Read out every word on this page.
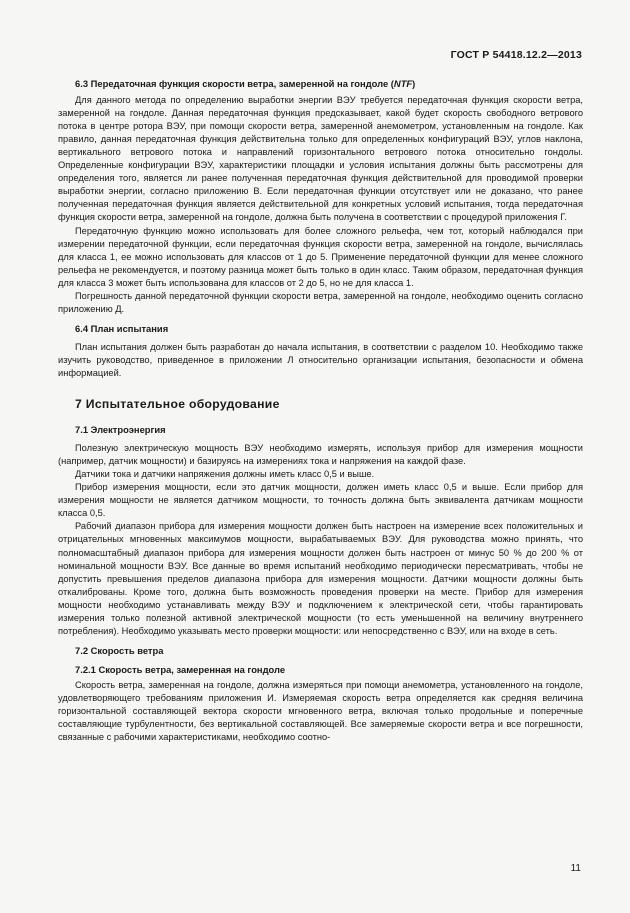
ГОСТ Р 54418.12.2—2013
6.3 Передаточная функция скорости ветра, замеренной на гондоле (NTF)

Для данного метода по определению выработки энергии ВЭУ требуется передаточная функция скорости ветра, замеренной на гондоле. Данная передаточная функция предсказывает, какой будет скорость свободного ветрового потока в центре ротора ВЭУ, при помощи скорости ветра, замеренной анемометром, установленным на гондоле. Как правило, данная передаточная функция действительна только для определенных конфигураций ВЭУ, углов наклона, вертикального ветрового потока и направлений горизонтального ветрового потока относительно гондолы. Определенные конфигурации ВЭУ, характеристики площадки и условия испытания должны быть рассмотрены для определения того, является ли ранее полученная передаточная функция действительной для проводимой проверки выработки энергии, согласно приложению В. Если передаточная функции отсутствует или не доказано, что ранее полученная передаточная функция является действительной для конкретных условий испытания, тогда передаточная функция скорости ветра, замеренной на гондоле, должна быть получена в соответствии с процедурой приложения Г.

Передаточную функцию можно использовать для более сложного рельефа, чем тот, который наблюдался при измерении передаточной функции, если передаточная функция скорости ветра, замеренной на гондоле, вычислялась для класса 1, ее можно использовать для классов от 1 до 5. Применение передаточной функции для менее сложного рельефа не рекомендуется, и поэтому разница может быть только в один класс. Таким образом, передаточная функция для класса 3 может быть использована для классов от 2 до 5, но не для класса 1.

Погрешность данной передаточной функции скорости ветра, замеренной на гондоле, необходимо оценить согласно приложению Д.

6.4 План испытания

План испытания должен быть разработан до начала испытания, в соответствии с разделом 10. Необходимо также изучить руководство, приведенное в приложении Л относительно организации испытания, безопасности и обмена информацией.

7 Испытательное оборудование
7.1 Электроэнергия

Полезную электрическую мощность ВЭУ необходимо измерять, используя прибор для измерения мощности (например, датчик мощности) и базируясь на измерениях тока и напряжения на каждой фазе.

Датчики тока и датчики напряжения должны иметь класс 0,5 и выше.

Прибор измерения мощности, если это датчик мощности, должен иметь класс 0,5 и выше. Если прибор для измерения мощности не является датчиком мощности, то точность должна быть эквивалента датчикам мощности класса 0,5.

Рабочий диапазон прибора для измерения мощности должен быть настроен на измерение всех положительных и отрицательных мгновенных максимумов мощности, вырабатываемых ВЭУ. Для руководства можно принять, что полномасштабный диапазон прибора для измерения мощности должен быть настроен от минус 50 % до 200 % от номинальной мощности ВЭУ. Все данные во время испытаний необходимо периодически пересматривать, чтобы не допустить превышения пределов диапазона прибора для измерения мощности. Датчики мощности должны быть откалиброваны. Кроме того, должна быть возможность проведения проверки на месте. Прибор для измерения мощности необходимо устанавливать между ВЭУ и подключением к электрической сети, чтобы гарантировать измерения только полезной активной электрической мощности (то есть уменьшенной на величину внутреннего потребления). Необходимо указывать место проверки мощности: или непосредственно с ВЭУ, или на входе в сеть.

7.2 Скорость ветра
7.2.1 Скорость ветра, замеренная на гондоле

Скорость ветра, замеренная на гондоле, должна измеряться при помощи анемометра, установленного на гондоле, удовлетворяющего требованиям приложения И. Измеряемая скорость ветра определяется как средняя величина горизонтальной составляющей вектора скорости мгновенного ветра, включая только продольные и поперечные составляющие турбулентности, без вертикальной составляющей. Все замеряемые скорости ветра и все погрешности, связанные с рабочими характеристиками, необходимо соотно-

11
